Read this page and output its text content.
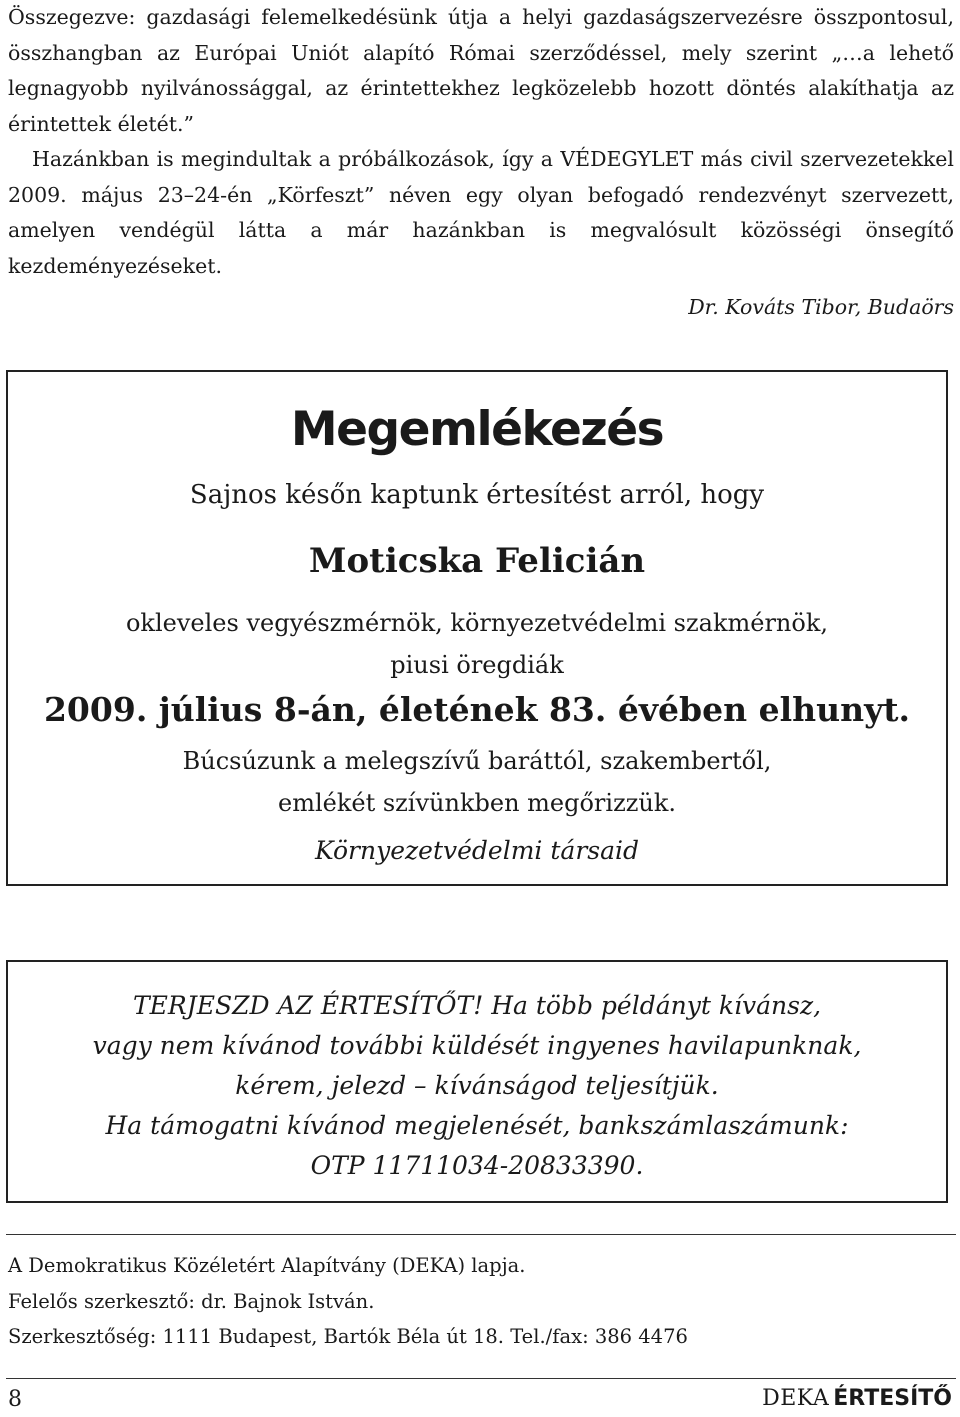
Összegezve: gazdasági felemelkedésünk útja a helyi gazdaságszervezésre összpontosul, összhangban az Európai Uniót alapító Római szerződéssel, mely szerint „…a lehető legnagyobb nyilvánossággal, az érintettekhez legközelebb hozott döntés alakíthatja az érintettek életét.”

Hazánkban is megindultak a próbálkozások, így a VÉDEGYLET más civil szervezetekkel 2009. május 23–24-én „Körfeszt” néven egy olyan befogadó rendezvényt szervezett, amelyen vendégül látta a már hazánkban is megvalósult közösségi önsegítő kezdeményezéseket.

Dr. Kováts Tibor, Budaörs
Megemlékezés
Sajnos későn kaptunk értesítést arról, hogy
Moticska Felicián
okleveles vegyészmérnök, környezetvédelmi szakmérnök,
piusi öregdiák
2009. július 8-án, életének 83. évében elhunyt.
Búcsúzunk a melegszívű baráttól, szakembertől,
emlékét szívünkben megőrizzük.
Környezetvédelmi társaid
TERJESZD AZ ÉRTESÍTŐT! Ha több példányt kívánsz,
vagy nem kívánod további küldését ingyenes havilapunknak,
kérem, jelezd – kívánságod teljesítjük.
Ha támogatni kívánod megjelenését, bankszámlaszámunk:
OTP 11711034-20833390.
A Demokratikus Közéletért Alapítvány (DEKA) lapja.
Felelős szerkesztő: dr. Bajnok István.
Szerkesztőség: 1111 Budapest, Bartók Béla út 18. Tel./fax: 386 4476
8	DEKA ÉRTESÍTŐ
